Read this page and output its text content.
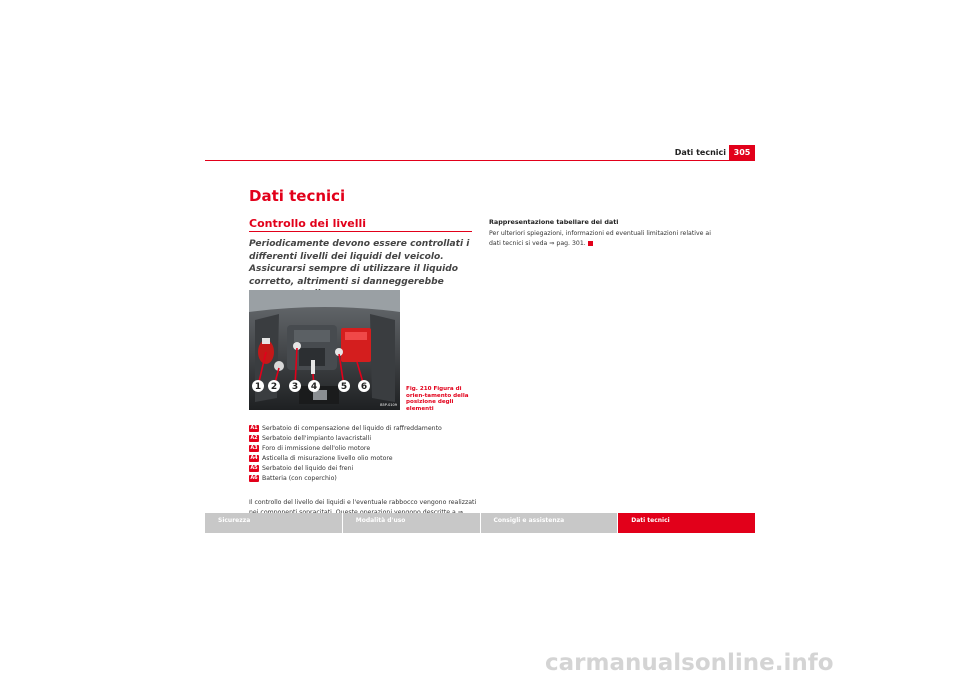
Dati tecnici 305
Dati tecnici
Controllo dei livelli
Periodicamente devono essere controllati i differenti livelli dei liquidi del veicolo. Assicurarsi sempre di utilizzare il liquido corretto, altrimenti si danneggerebbe
1 2 3 4	5 6
B5P-0109
Fig. 210 Figura di orien-tamento della posizione degli elementi
A1 Serbatoio di compensazione del liquido di raffreddamento
A2 Serbatoio dell'impianto lavacristalli
A3 Foro di immissione dell'olio motore
A4 Asticella di misurazione livello olio motore
A5 Serbatoio del liquido dei freni
A6 Batteria (con coperchio)
Il controllo del livello dei liquidi e l'eventuale rabbocco vengono realizzati
Rappresentazione tabellare dei dati
Per ulteriori spiegazioni, informazioni ed eventuali limitazioni relative ai dati tecnici si veda ⇒ pag. 301.
Sicurezza	Modalità d'uso	Consigli e assistenza	Dati tecnici
carmanualsonline.info
